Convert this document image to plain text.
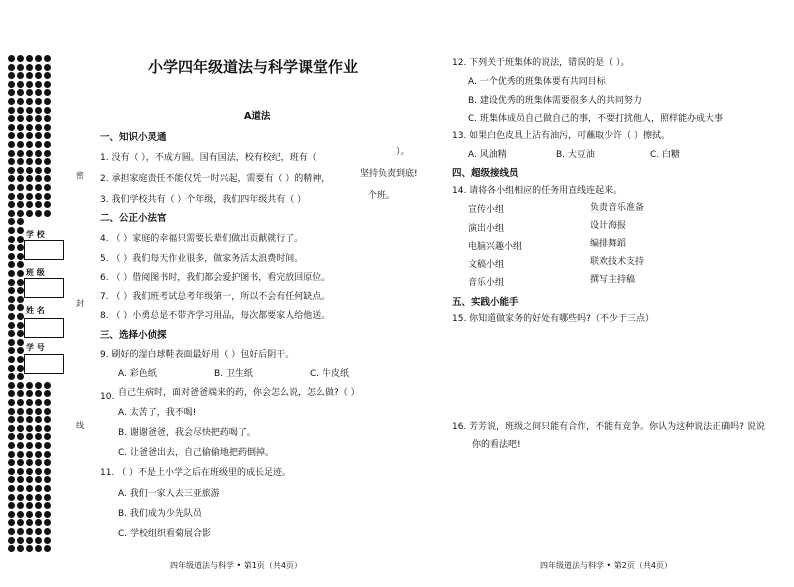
学 校
班 级
姓 名
学 号
密
封
线
小学四年级道法与科学课堂作业
A道法
一、知识小灵通
1. 没有（ ），不成方圆。国有国法，校有校纪，班有（
）。
2. 承担家庭责任不能仅凭一时兴起，需要有（ ）的精神，	坚持负责到底!
3. 我们学校共有（ ）个年级，我们四年级共有（ ）	个班。
二、公正小法官
4. （ ）家庭的幸福只需要长辈们做出贡献就行了。
5. （ ）我们每天作业很多，做家务活太浪费时间。
6. （ ）借阅图书时，我们都会爱护图书，看完放回原位。
7. （ ）我们班考试总考年级第一，所以不会有任何缺点。
8. （ ）小勇总是不带齐学习用品，每次都要家人给他送。
三、选择小侦探
9. 刷好的湿白球鞋表面最好用（ ）包好后阴干。
A. 彩色纸	B. 卫生纸	C. 牛皮纸
10. 自己生病时，面对爸爸端来的药，你会怎么说，怎么做?（ ）
A. 太苦了，我不喝!
B. 谢谢爸爸，我会尽快把药喝了。
C. 让爸爸出去，自己偷偷地把药倒掉。
11. （ ）不是上小学之后在班级里的成长足迹。
A. 我们一家人去三亚旅游
B. 我们成为少先队员
C. 学校组织看菊展合影
四年级道法与科学 • 第1页（共4页）
12. 下列关于班集体的说法，错误的是（ ）。
A. 一个优秀的班集体要有共同目标
B. 建设优秀的班集体需要很多人的共同努力
C. 班集体成员自己做自己的事，不要打扰他人，照样能办成大事
13. 如果白色皮具上沾有油污，可蘸取少许（ ）擦拭。
A. 风油精	B. 大豆油	C. 白糖
四、超级接线员
14. 请将各小组相应的任务用直线连起来。
宣传小组
演出小组
电脑兴趣小组
文稿小组
音乐小组
负责音乐准备
设计海报
编排舞蹈
联欢技术支持
撰写主持稿
五、实践小能手
15. 你知道做家务的好处有哪些吗?（不少于三点）
16. 芳芳说，班级之间只能有合作，不能有竞争。你认为这种说法正确吗? 说说
你的看法吧!
四年级道法与科学 • 第2页（共4页）
